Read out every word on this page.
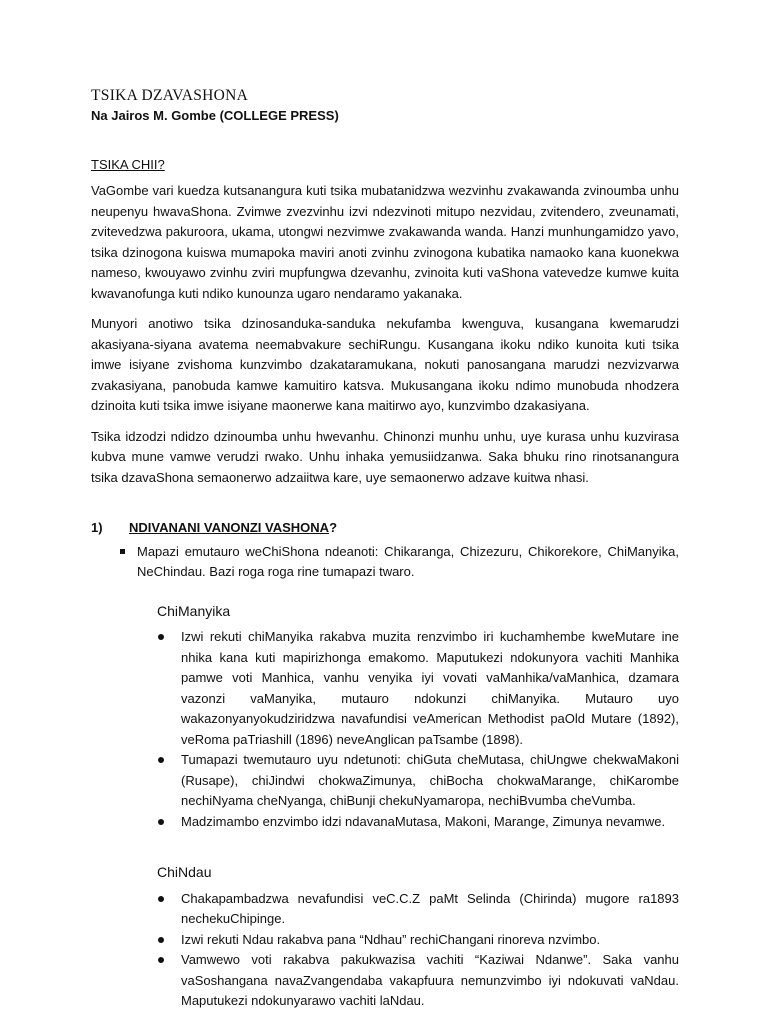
TSIKA DZAVASHONA
Na Jairos M. Gombe (COLLEGE PRESS)
TSIKA CHII?

VaGombe vari kuedza kutsanangura kuti tsika mubatanidzwa wezvinhu zvakawanda zvinoumba unhu neupenyu hwavaShona. Zvimwe zvezvinhu izvi ndezvinoti mitupo nezvidau, zvitendero, zveunamati, zvitevedzwa pakuroora, ukama, utongwi nezvimwe zvakawanda wanda. Hanzi munhungamidzo yavo, tsika dzinogona kuiswa mumapoka maviri anoti zvinhu zvinogona kubatika namaoko kana kuonekwa nameso, kwouyawo zvinhu zviri mupfungwa dzevanhu, zvinoita kuti vaShona vatevedze kumwe kuita kwavanofunga kuti ndiko kunounza ugaro nendaramo yakanaka.

Munyori anotiwo tsika dzinosanduka-sanduka nekufamba kwenguva, kusangana kwemarudzi akasiyana-siyana avatema neemabvakure sechiRungu. Kusangana ikoku ndiko kunoita kuti tsika imwe isiyane zvishoma kunzvimbo dzakataramukana, nokuti panosangana marudzi nezvizvarwa zvakasiyana, panobuda kamwe kamuitiro katsva. Mukusangana ikoku ndimo munobuda nhodzera dzinoita kuti tsika imwe isiyane maonerwe kana maitirwo ayo, kunzvimbo dzakasiyana.

Tsika idzodzi ndidzo dzinoumba unhu hwevanhu. Chinonzi munhu unhu, uye kurasa unhu kuzvirasa kubva mune vamwe verudzi rwako. Unhu inhaka yemusiidzanwa. Saka bhuku rino rinotsanangura tsika dzavaShona semaonerwo adzaiitwa kare, uye semaonerwo adzave kuitwa nhasi.

1)	NDIVANANI VANONZI VASHONA?
Mapazi emutauro weChiShona ndeanoti: Chikaranga, Chizezuru, Chikorekore, ChiManyika, NeChindau. Bazi roga roga rine tumapazi twaro.
ChiManyika
Izwi rekuti chiManyika rakabva muzita renzvimbo iri kuchamhembe kweMutare ine nhika kana kuti mapirizhonga emakomo. Maputukezi ndokunyora vachiti Manhika pamwe voti Manhica, vanhu venyika iyi vovati vaManhika/vaManhica, dzamara vazonzi vaManyika, mutauro ndokunzi chiManyika. Mutauro uyo wakazonyanyokudziridzwa navafundisi veAmerican Methodist paOld Mutare (1892), veRoma paTriashill (1896) neveAnglican paTsambe (1898).
Tumapazi twemutauro uyu ndetunoti: chiGuta cheMutasa, chiUngwe chekwaMakoni (Rusape), chiJindwi chokwaZimunya, chiBocha chokwaMarange, chiKarombe nechiNyama cheNyanga, chiBunji chekuNyamaropa, nechiBvumba cheVumba.
Madzimambo enzvimbo idzi ndavanaMutasa, Makoni, Marange, Zimunya nevamwe.
ChiNdau
Chakapambadzwa nevafundisi veC.C.Z paMt Selinda (Chirinda) mugore ra1893 nechekuChipinge.
Izwi rekuti Ndau rakabva pana “Ndhau” rechiChangani rinoreva nzvimbo.
Vamwewo voti rakabva pakukwazisa vachiti “Kaziwai Ndanwe”. Saka vanhu vaSoshangana navaZvangendaba vakapfuura nemunzvimbo iyi ndokuvati vaNdau. Maputukezi ndokunyarawo vachiti laNdau.
